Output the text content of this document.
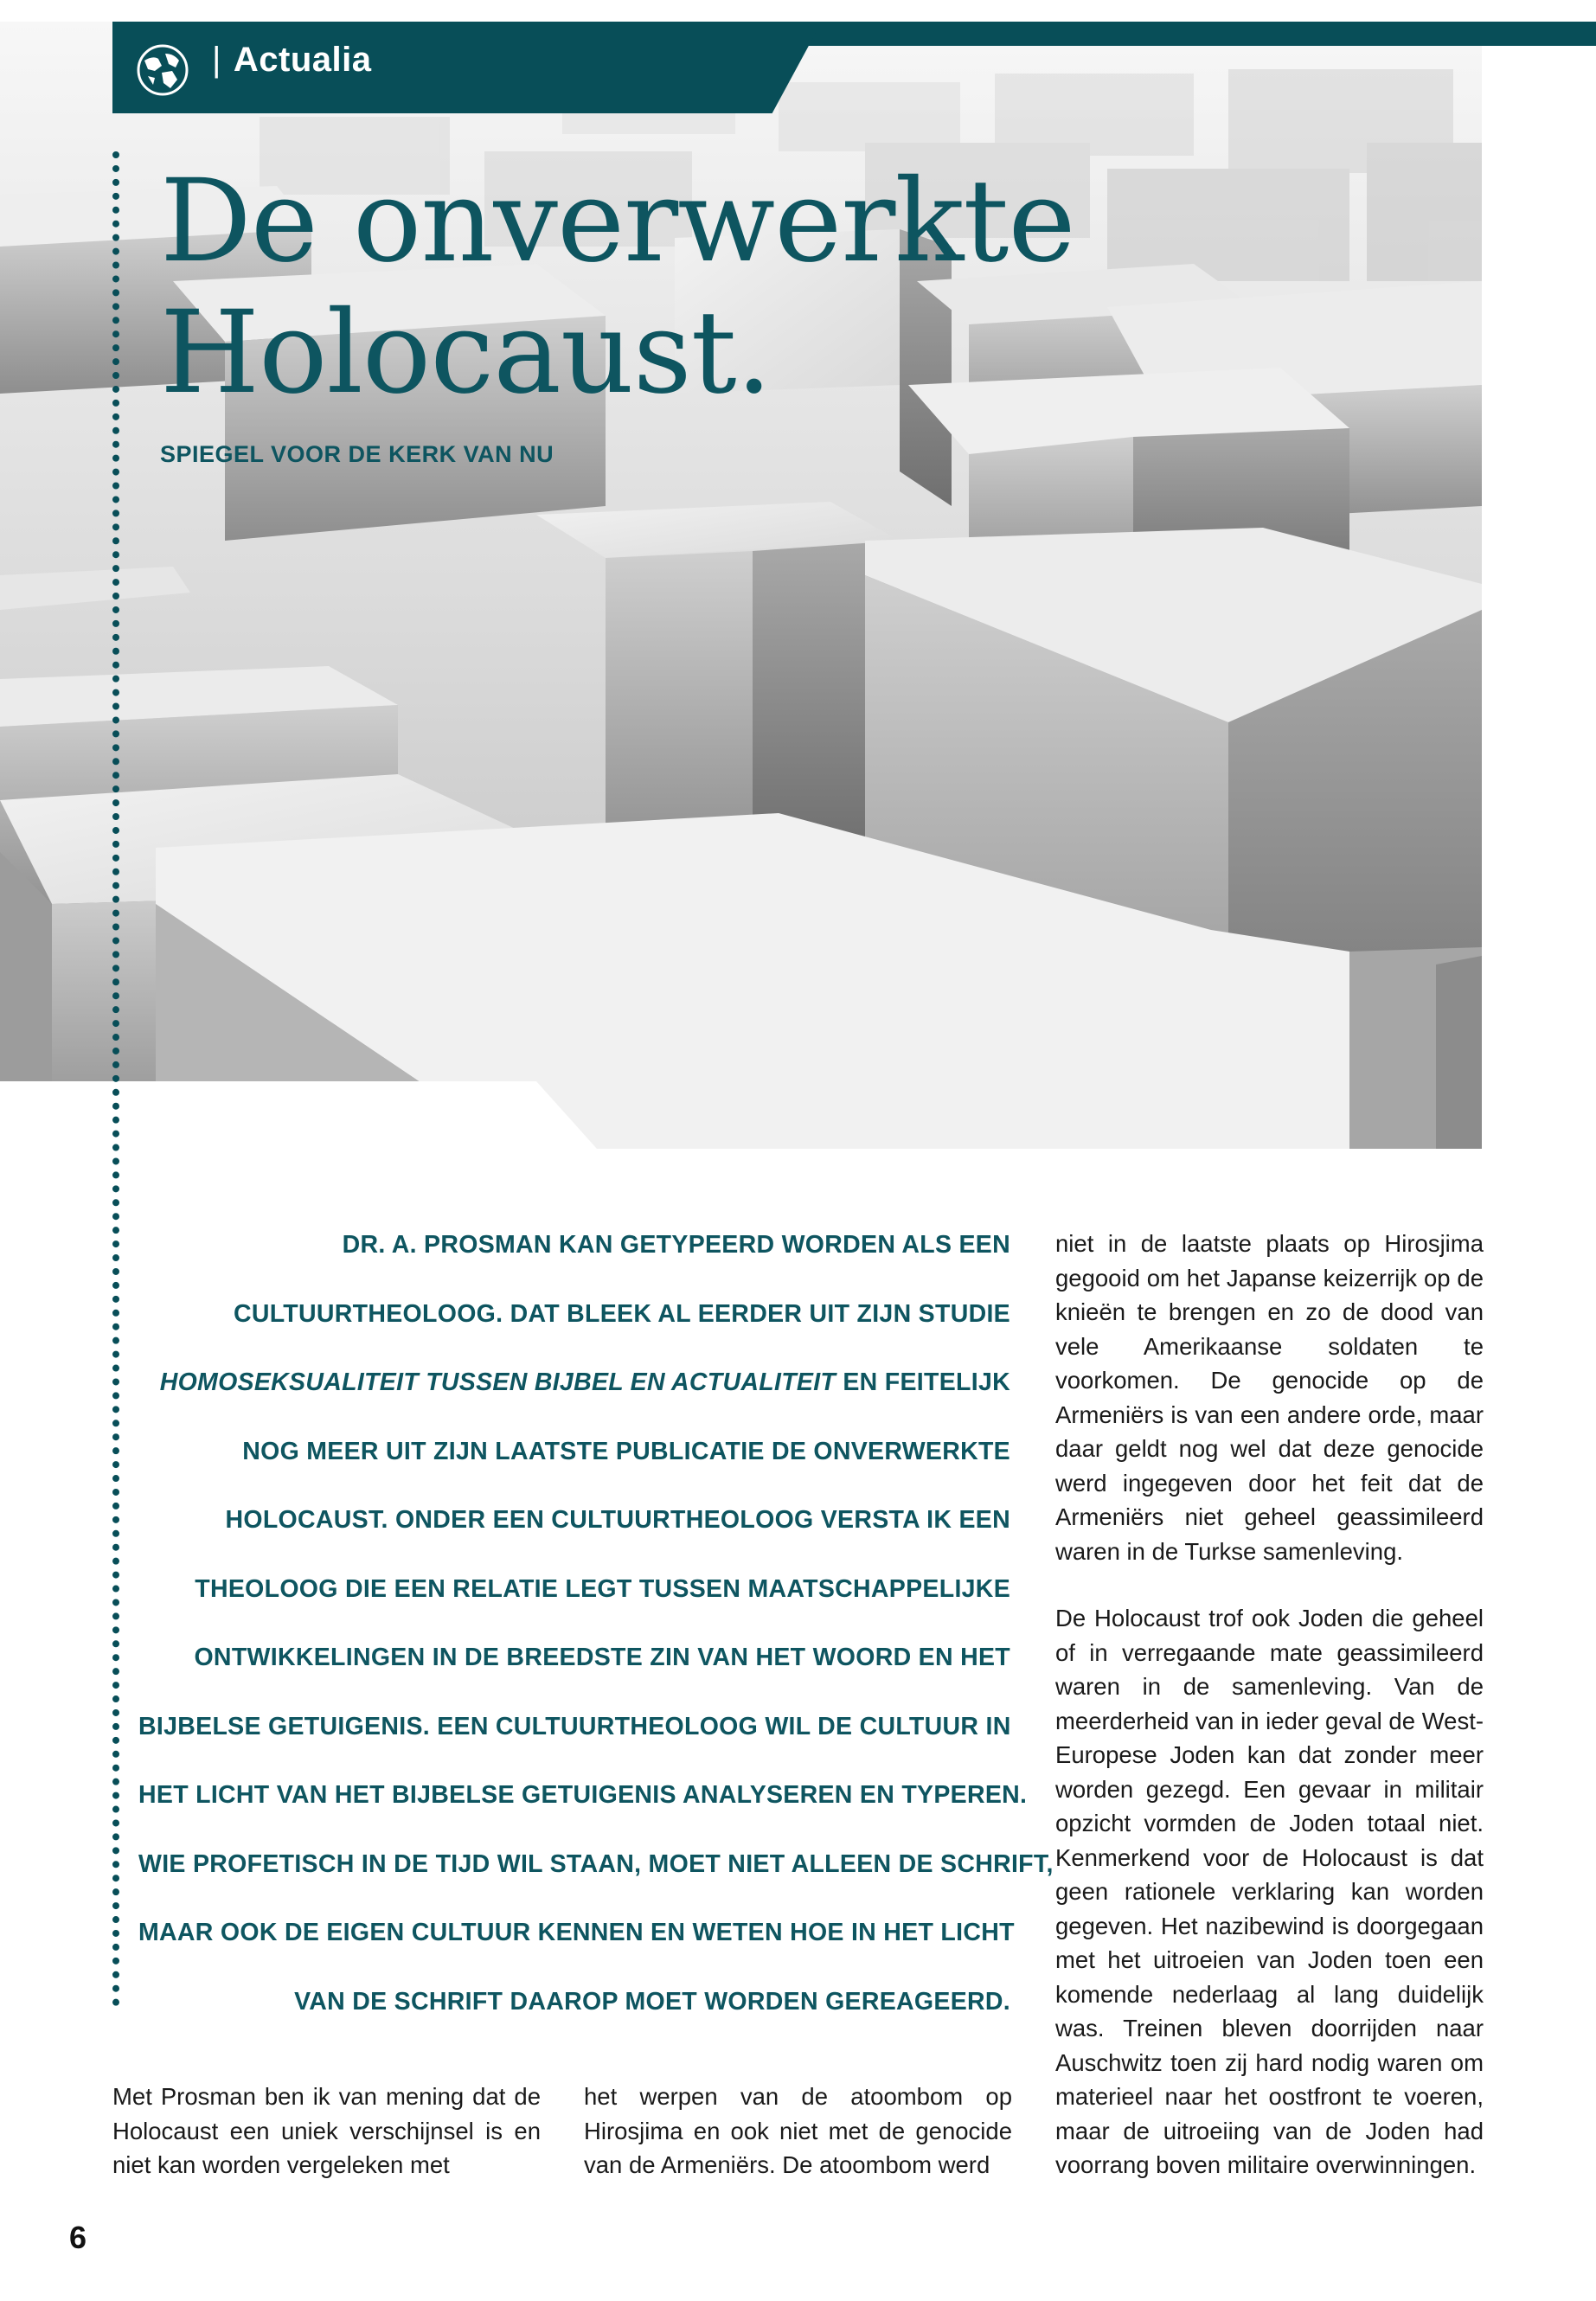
| Actualia
De onverwerkte
Holocaust.
SPIEGEL VOOR DE KERK VAN NU

DR. A. PROSMAN KAN GETYPEERD WORDEN ALS EEN

CULTUURTHEOLOOG. DAT BLEEK AL EERDER UIT ZIJN STUDIE

HOMOSEKSUALITEIT TUSSEN BIJBEL EN ACTUALITEIT EN FEITELIJK

NOG MEER UIT ZIJN LAATSTE PUBLICATIE DE ONVERWERKTE

HOLOCAUST. ONDER EEN CULTUURTHEOLOOG VERSTA IK EEN

THEOLOOG DIE EEN RELATIE LEGT TUSSEN MAATSCHAPPELIJKE

ONTWIKKELINGEN IN DE BREEDSTE ZIN VAN HET WOORD EN HET

BIJBELSE GETUIGENIS. EEN CULTUURTHEOLOOG WIL DE CULTUUR IN

HET LICHT VAN HET BIJBELSE GETUIGENIS ANALYSEREN EN TYPEREN.

WIE PROFETISCH IN DE TIJD WIL STAAN, MOET NIET ALLEEN DE SCHRIFT,

MAAR OOK DE EIGEN CULTUUR KENNEN EN WETEN HOE IN HET LICHT

VAN DE SCHRIFT DAAROP MOET WORDEN GEREAGEERD.

Met Prosman ben ik van mening dat de Holocaust een uniek verschijnsel is en niet kan worden vergeleken met

het werpen van de atoombom op Hirosjima en ook niet met de genocide van de Armeniërs. De atoombom werd

niet in de laatste plaats op Hirosjima gegooid om het Japanse keizerrijk op de knieën te brengen en zo de dood van vele Amerikaanse soldaten te voorkomen. De genocide op de Armeniërs is van een andere orde, maar daar geldt nog wel dat deze genocide werd ingegeven door het feit dat de Armeniërs niet geheel geassimileerd waren in de Turkse samenleving.

De Holocaust trof ook Joden die geheel of in verregaande mate geassimileerd waren in de samenleving. Van de meerderheid van in ieder geval de West-Europese Joden kan dat zonder meer worden gezegd. Een gevaar in militair opzicht vormden de Joden totaal niet. Kenmerkend voor de Holocaust is dat geen rationele verklaring kan worden gegeven. Het nazibewind is doorgegaan met het uitroeien van Joden toen een komende nederlaag al lang duidelijk was. Treinen bleven doorrijden naar Auschwitz toen zij hard nodig waren om materieel naar het oostfront te voeren, maar de uitroeiing van de Joden had voorrang boven militaire overwinningen.

6
